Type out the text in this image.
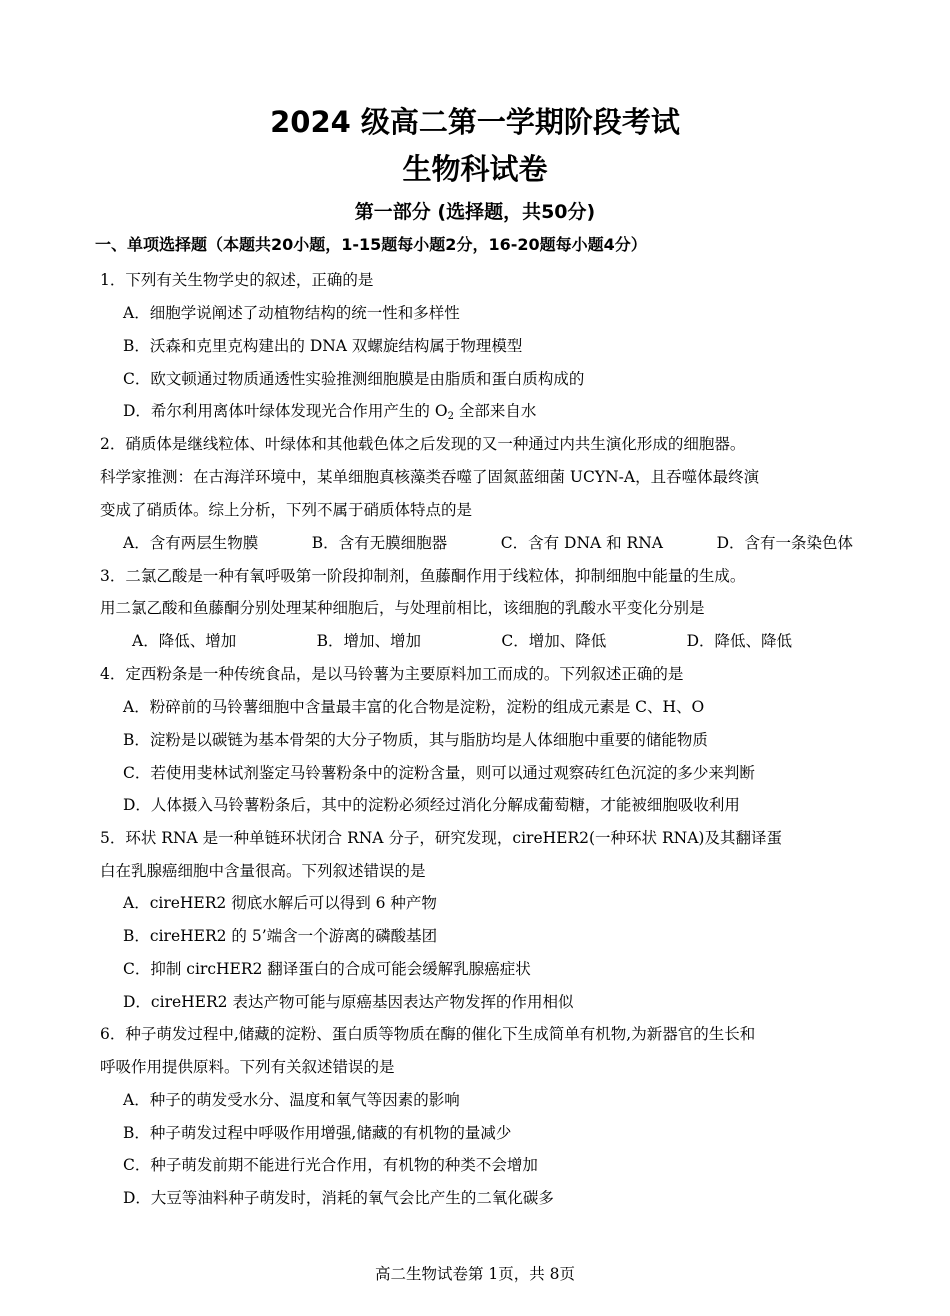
2024 级高二第一学期阶段考试
生物科试卷
第一部分 (选择题，共50分)
一、单项选择题（本题共20小题，1-15题每小题2分，16-20题每小题4分）
1．下列有关生物学史的叙述，正确的是
A．细胞学说阐述了动植物结构的统一性和多样性
B．沃森和克里克构建出的 DNA 双螺旋结构属于物理模型
C．欧文顿通过物质通透性实验推测细胞膜是由脂质和蛋白质构成的
D．希尔利用离体叶绿体发现光合作用产生的 $O_2$ 全部来自水
2．硝质体是继线粒体、叶绿体和其他载色体之后发现的又一种通过内共生演化形成的细胞器。
科学家推测：在古海洋环境中，某单细胞真核藻类吞噬了固氮蓝细菌 UCYN-A，且吞噬体最终演
变成了硝质体。综上分析，下列不属于硝质体特点的是
A．含有两层生物膜	B．含有无膜细胞器	C．含有 DNA 和 RNA	D．含有一条染色体
3．二氯乙酸是一种有氧呼吸第一阶段抑制剂，鱼藤酮作用于线粒体，抑制细胞中能量的生成。
用二氯乙酸和鱼藤酮分别处理某种细胞后，与处理前相比，该细胞的乳酸水平变化分别是
A．降低、增加	B．增加、增加	C．增加、降低	D．降低、降低
4．定西粉条是一种传统食品，是以马铃薯为主要原料加工而成的。下列叙述正确的是
A．粉碎前的马铃薯细胞中含量最丰富的化合物是淀粉，淀粉的组成元素是 C、H、O
B．淀粉是以碳链为基本骨架的大分子物质，其与脂肪均是人体细胞中重要的储能物质
C．若使用斐林试剂鉴定马铃薯粉条中的淀粉含量，则可以通过观察砖红色沉淀的多少来判断
D．人体摄入马铃薯粉条后，其中的淀粉必须经过消化分解成葡萄糖，才能被细胞吸收利用
5．环状 RNA 是一种单链环状闭合 RNA 分子，研究发现，cireHER2(一种环状 RNA)及其翻译蛋
白在乳腺癌细胞中含量很高。下列叙述错误的是
A．cireHER2 彻底水解后可以得到 6 种产物
B．cireHER2 的 5’端含一个游离的磷酸基团
C．抑制 circHER2 翻译蛋白的合成可能会缓解乳腺癌症状
D．cireHER2 表达产物可能与原癌基因表达产物发挥的作用相似
6．种子萌发过程中,储藏的淀粉、蛋白质等物质在酶的催化下生成简单有机物,为新器官的生长和
呼吸作用提供原料。下列有关叙述错误的是
A．种子的萌发受水分、温度和氧气等因素的影响
B．种子萌发过程中呼吸作用增强,储藏的有机物的量减少
C．种子萌发前期不能进行光合作用，有机物的种类不会增加
D．大豆等油料种子萌发时，消耗的氧气会比产生的二氧化碳多
高二生物试卷第 1页，共 8页
